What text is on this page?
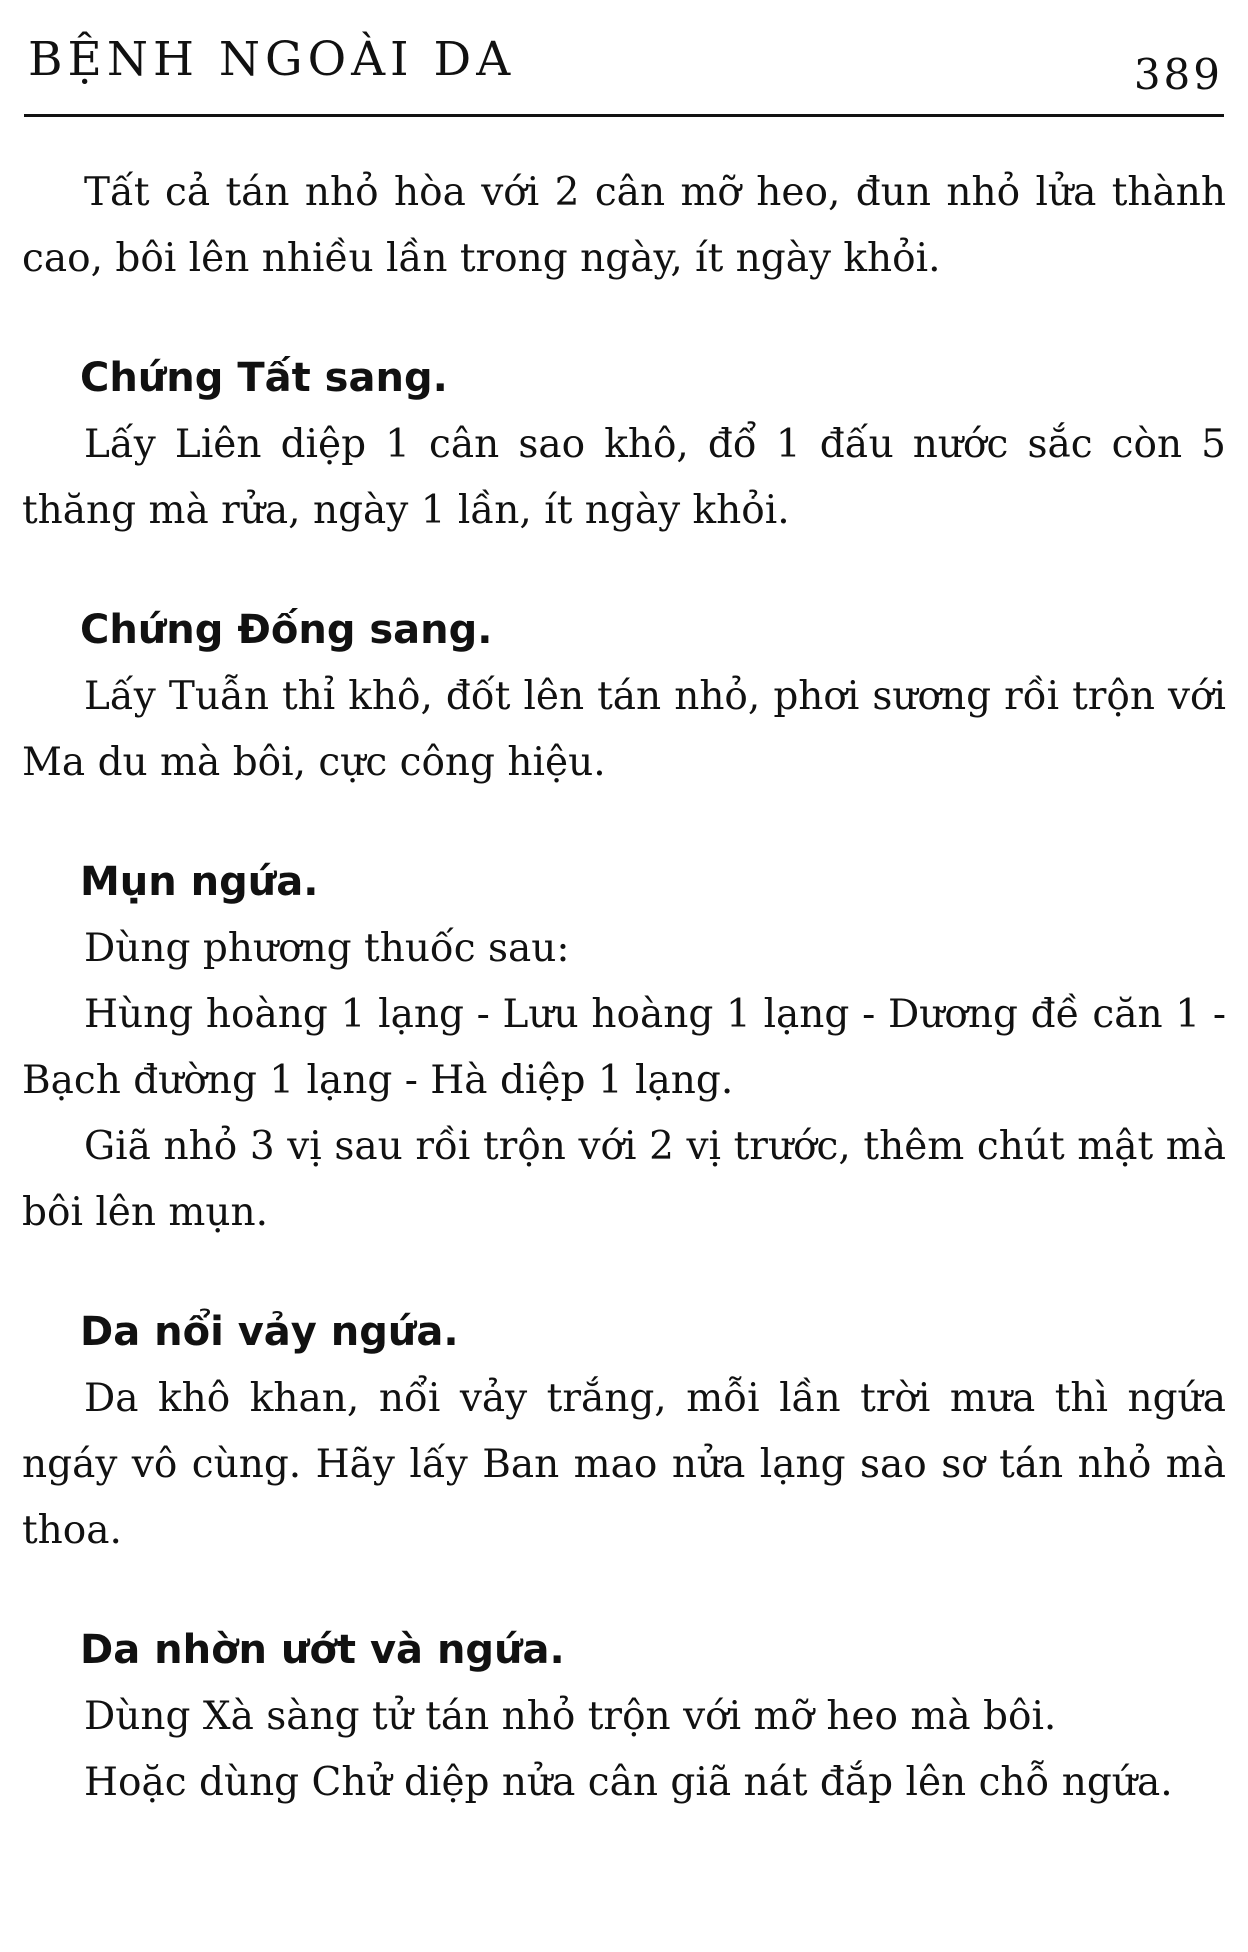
BỆNH NGOÀI DA	389

Tất cả tán nhỏ hòa với 2 cân mỡ heo, đun nhỏ lửa thành cao, bôi lên nhiều lần trong ngày, ít ngày khỏi.

Chứng Tất sang.

Lấy Liên diệp 1 cân sao khô, đổ 1 đấu nước sắc còn 5 thăng mà rửa, ngày 1 lần, ít ngày khỏi.

Chứng Đống sang.

Lấy Tuẫn thỉ khô, đốt lên tán nhỏ, phơi sương rồi trộn với Ma du mà bôi, cực công hiệu.

Mụn ngứa.

Dùng phương thuốc sau:

Hùng hoàng 1 lạng - Lưu hoàng 1 lạng - Dương đề căn 1 - Bạch đường 1 lạng - Hà diệp 1 lạng.

Giã nhỏ 3 vị sau rồi trộn với 2 vị trước, thêm chút mật mà bôi lên mụn.

Da nổi vảy ngứa.

Da khô khan, nổi vảy trắng, mỗi lần trời mưa thì ngứa ngáy vô cùng. Hãy lấy Ban mao nửa lạng sao sơ tán nhỏ mà thoa.

Da nhờn ướt và ngứa.

Dùng Xà sàng tử tán nhỏ trộn với mỡ heo mà bôi.

Hoặc dùng Chử diệp nửa cân giã nát đắp lên chỗ ngứa.
